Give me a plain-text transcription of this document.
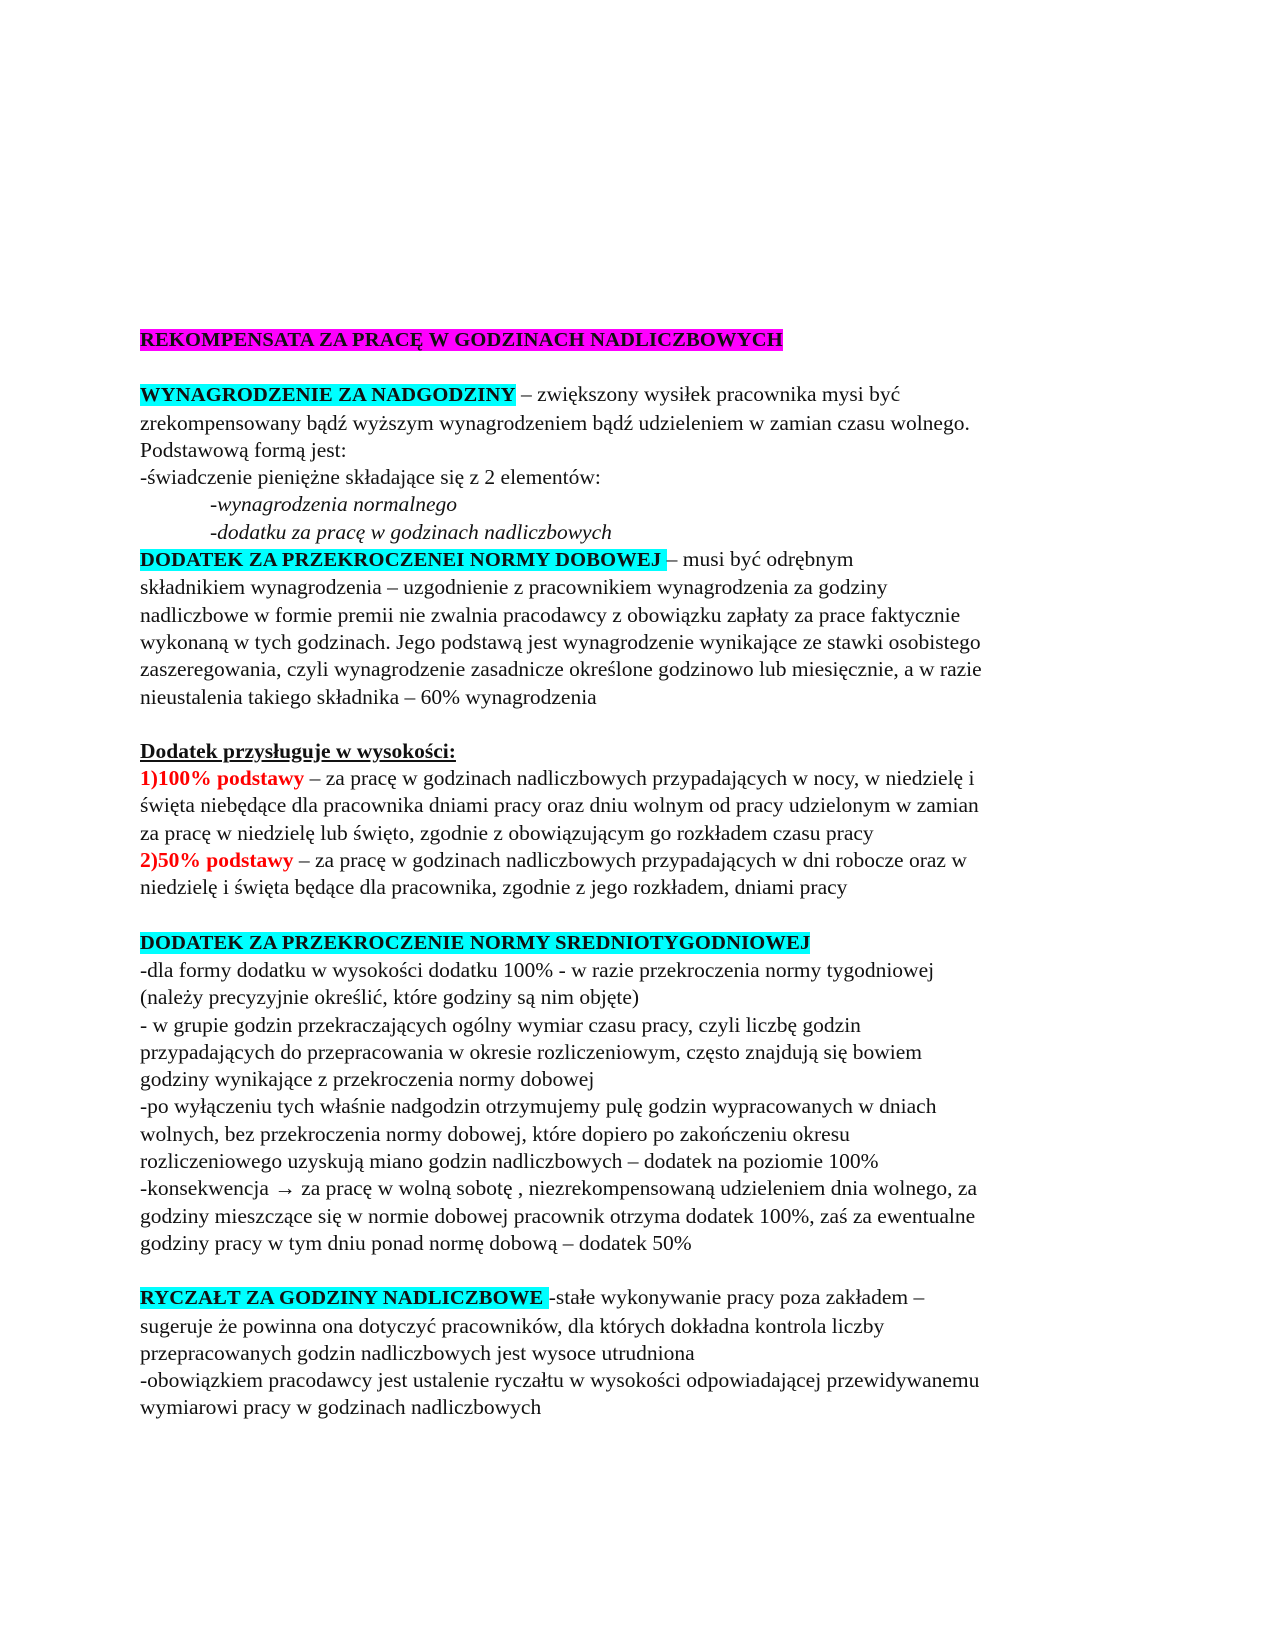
REKOMPENSATA ZA PRACĘ W GODZINACH NADLICZBOWYCH

WYNAGRODZENIE ZA NADGODZINY – zwiększony wysiłek pracownika mysi być

zrekompensowany bądź wyższym wynagrodzeniem bądź udzieleniem w zamian czasu wolnego.

Podstawową formą jest:

-świadczenie pieniężne składające się z 2 elementów:

-wynagrodzenia normalnego

-dodatku za pracę w godzinach nadliczbowych

DODATEK ZA PRZEKROCZENEI NORMY DOBOWEJ – musi być odrębnym

składnikiem wynagrodzenia – uzgodnienie z pracownikiem wynagrodzenia za godziny

nadliczbowe w formie premii nie zwalnia pracodawcy z obowiązku zapłaty za prace faktycznie

wykonaną w tych godzinach. Jego podstawą jest wynagrodzenie wynikające ze stawki osobistego

zaszeregowania, czyli wynagrodzenie zasadnicze określone godzinowo lub miesięcznie, a w razie

nieustalenia takiego składnika – 60% wynagrodzenia

Dodatek przysługuje w wysokości:

1)100% podstawy – za pracę w godzinach nadliczbowych przypadających w nocy, w niedzielę i

święta niebędące dla pracownika dniami pracy oraz dniu wolnym od pracy udzielonym w zamian

za pracę w niedzielę lub święto, zgodnie z obowiązującym go rozkładem czasu pracy

2)50% podstawy – za pracę w godzinach nadliczbowych przypadających w dni robocze oraz w

niedzielę i święta będące dla pracownika, zgodnie z jego rozkładem, dniami pracy

DODATEK ZA PRZEKROCZENIE NORMY SREDNIOTYGODNIOWEJ

-dla formy dodatku w wysokości dodatku 100% - w razie przekroczenia normy tygodniowej

(należy precyzyjnie określić, które godziny są nim objęte)

- w grupie godzin przekraczających ogólny wymiar czasu pracy, czyli liczbę godzin

przypadających do przepracowania w okresie rozliczeniowym, często znajdują się bowiem

godziny wynikające z przekroczenia normy dobowej

-po wyłączeniu tych właśnie nadgodzin otrzymujemy pulę godzin wypracowanych w dniach

wolnych, bez przekroczenia normy dobowej, które dopiero po zakończeniu okresu

rozliczeniowego uzyskują miano godzin nadliczbowych – dodatek na poziomie 100%

-konsekwencja → za pracę w wolną sobotę , niezrekompensowaną udzieleniem dnia wolnego, za

godziny mieszczące się w normie dobowej pracownik otrzyma dodatek 100%, zaś za ewentualne

godziny pracy w tym dniu ponad normę dobową – dodatek 50%

RYCZAŁT ZA GODZINY NADLICZBOWE -stałe wykonywanie pracy poza zakładem –

sugeruje że powinna ona dotyczyć pracowników, dla których dokładna kontrola liczby

przepracowanych godzin nadliczbowych jest wysoce utrudniona

-obowiązkiem pracodawcy jest ustalenie ryczałtu w wysokości odpowiadającej przewidywanemu

wymiarowi pracy w godzinach nadliczbowych
